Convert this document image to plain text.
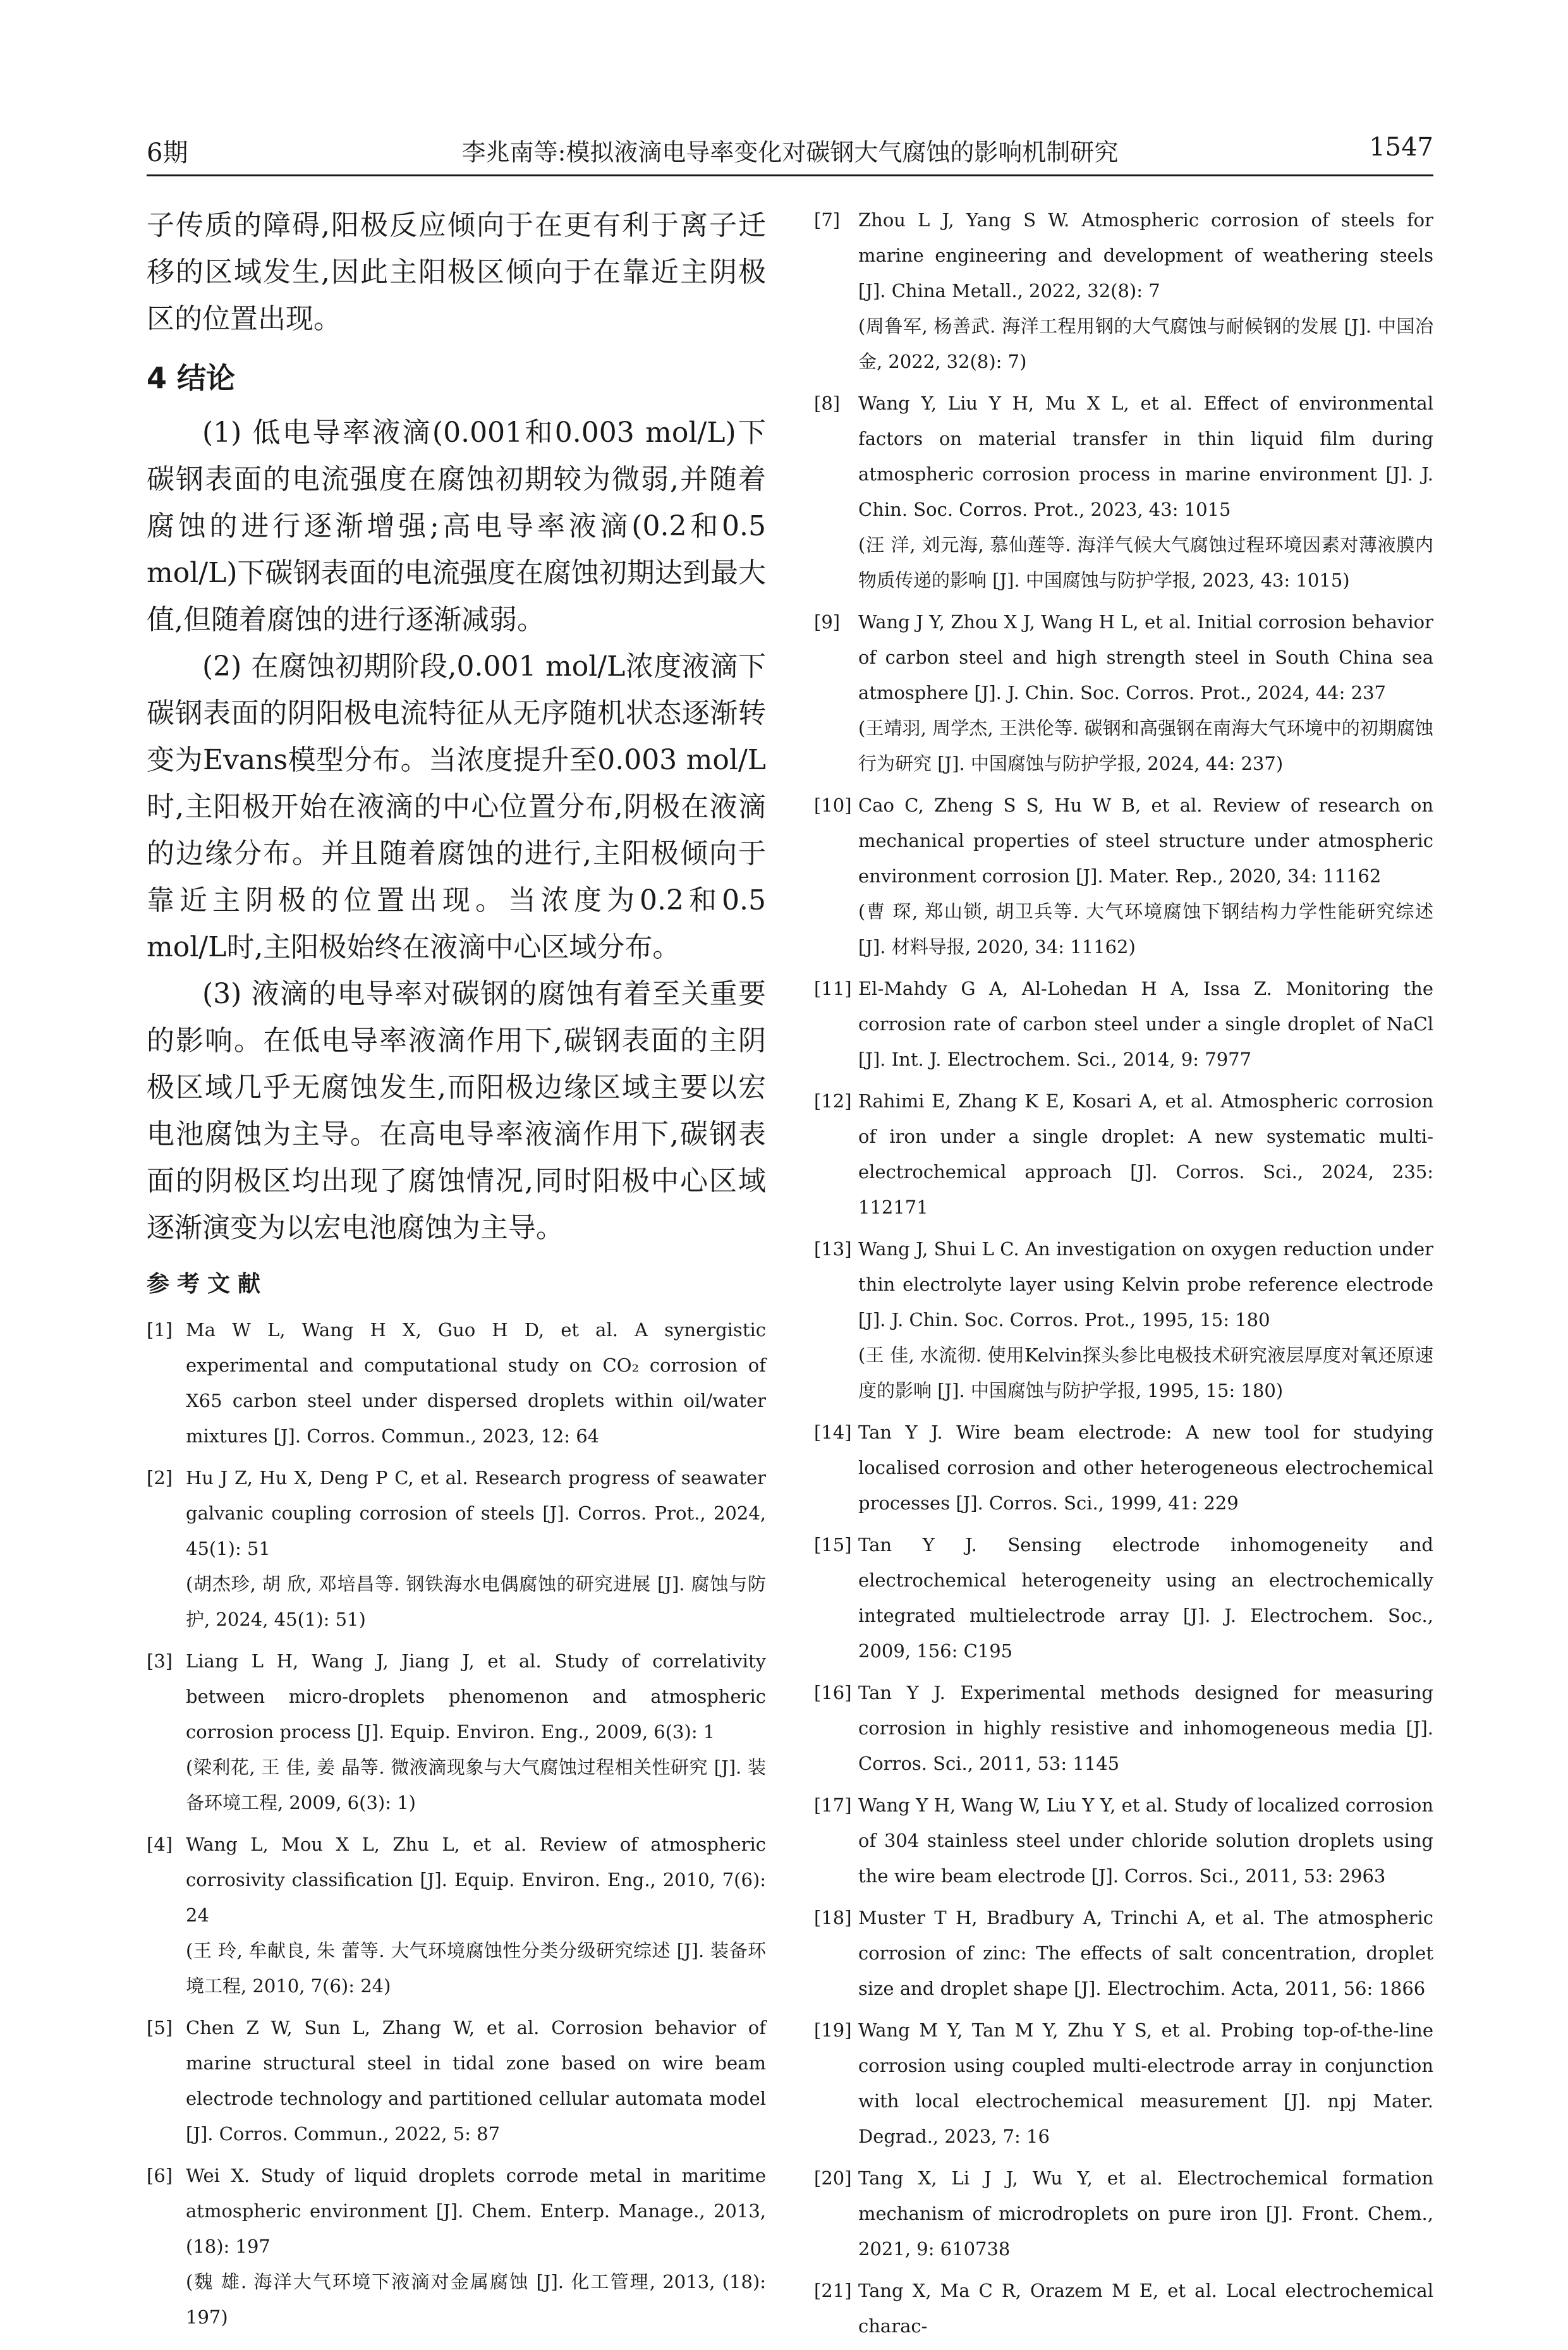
6期	李兆南等:模拟液滴电导率变化对碳钢大气腐蚀的影响机制研究	1547

子传质的障碍,阳极反应倾向于在更有利于离子迁移的区域发生,因此主阳极区倾向于在靠近主阴极区的位置出现。

4 结论

(1) 低电导率液滴(0.001和0.003 mol/L)下碳钢表面的电流强度在腐蚀初期较为微弱,并随着腐蚀的进行逐渐增强;高电导率液滴(0.2和0.5 mol/L)下碳钢表面的电流强度在腐蚀初期达到最大值,但随着腐蚀的进行逐渐减弱。

(2) 在腐蚀初期阶段,0.001 mol/L浓度液滴下碳钢表面的阴阳极电流特征从无序随机状态逐渐转变为Evans模型分布。当浓度提升至0.003 mol/L时,主阳极开始在液滴的中心位置分布,阴极在液滴的边缘分布。并且随着腐蚀的进行,主阳极倾向于靠近主阴极的位置出现。当浓度为0.2和0.5 mol/L时,主阳极始终在液滴中心区域分布。

(3) 液滴的电导率对碳钢的腐蚀有着至关重要的影响。在低电导率液滴作用下,碳钢表面的主阴极区域几乎无腐蚀发生,而阳极边缘区域主要以宏电池腐蚀为主导。在高电导率液滴作用下,碳钢表面的阴极区均出现了腐蚀情况,同时阳极中心区域逐渐演变为以宏电池腐蚀为主导。

参考文献
[1] Ma W L, Wang H X, Guo H D, et al. A synergistic experimental and computational study on CO₂ corrosion of X65 carbon steel under dispersed droplets within oil/water mixtures [J]. Corros. Commun., 2023, 12: 64
[2] Hu J Z, Hu X, Deng P C, et al. Research progress of seawater galvanic coupling corrosion of steels [J]. Corros. Prot., 2024, 45(1): 51
(胡杰珍, 胡 欣, 邓培昌等. 钢铁海水电偶腐蚀的研究进展 [J]. 腐蚀与防护, 2024, 45(1): 51)
[3] Liang L H, Wang J, Jiang J, et al. Study of correlativity between micro-droplets phenomenon and atmospheric corrosion process [J]. Equip. Environ. Eng., 2009, 6(3): 1
(梁利花, 王 佳, 姜 晶等. 微液滴现象与大气腐蚀过程相关性研究 [J]. 装备环境工程, 2009, 6(3): 1)
[4] Wang L, Mou X L, Zhu L, et al. Review of atmospheric corrosivity classification [J]. Equip. Environ. Eng., 2010, 7(6): 24
(王 玲, 牟献良, 朱 蕾等. 大气环境腐蚀性分类分级研究综述 [J]. 装备环境工程, 2010, 7(6): 24)
[5] Chen Z W, Sun L, Zhang W, et al. Corrosion behavior of marine structural steel in tidal zone based on wire beam electrode technology and partitioned cellular automata model [J]. Corros. Commun., 2022, 5: 87
[6] Wei X. Study of liquid droplets corrode metal in maritime atmospheric environment [J]. Chem. Enterp. Manage., 2013, (18): 197
(魏 雄. 海洋大气环境下液滴对金属腐蚀 [J]. 化工管理, 2013, (18): 197)
[7] Zhou L J, Yang S W. Atmospheric corrosion of steels for marine engineering and development of weathering steels [J]. China Metall., 2022, 32(8): 7
(周鲁军, 杨善武. 海洋工程用钢的大气腐蚀与耐候钢的发展 [J]. 中国冶金, 2022, 32(8): 7)
[8] Wang Y, Liu Y H, Mu X L, et al. Effect of environmental factors on material transfer in thin liquid film during atmospheric corrosion process in marine environment [J]. J. Chin. Soc. Corros. Prot., 2023, 43: 1015
(汪 洋, 刘元海, 慕仙莲等. 海洋气候大气腐蚀过程环境因素对薄液膜内物质传递的影响 [J]. 中国腐蚀与防护学报, 2023, 43: 1015)
[9] Wang J Y, Zhou X J, Wang H L, et al. Initial corrosion behavior of carbon steel and high strength steel in South China sea atmosphere [J]. J. Chin. Soc. Corros. Prot., 2024, 44: 237
(王靖羽, 周学杰, 王洪伦等. 碳钢和高强钢在南海大气环境中的初期腐蚀行为研究 [J]. 中国腐蚀与防护学报, 2024, 44: 237)
[10] Cao C, Zheng S S, Hu W B, et al. Review of research on mechanical properties of steel structure under atmospheric environment corrosion [J]. Mater. Rep., 2020, 34: 11162
(曹 琛, 郑山锁, 胡卫兵等. 大气环境腐蚀下钢结构力学性能研究综述 [J]. 材料导报, 2020, 34: 11162)
[11] El-Mahdy G A, Al-Lohedan H A, Issa Z. Monitoring the corrosion rate of carbon steel under a single droplet of NaCl [J]. Int. J. Electrochem. Sci., 2014, 9: 7977
[12] Rahimi E, Zhang K E, Kosari A, et al. Atmospheric corrosion of iron under a single droplet: A new systematic multi-electrochemical approach [J]. Corros. Sci., 2024, 235: 112171
[13] Wang J, Shui L C. An investigation on oxygen reduction under thin electrolyte layer using Kelvin probe reference electrode [J]. J. Chin. Soc. Corros. Prot., 1995, 15: 180
(王 佳, 水流彻. 使用Kelvin探头参比电极技术研究液层厚度对氧还原速度的影响 [J]. 中国腐蚀与防护学报, 1995, 15: 180)
[14] Tan Y J. Wire beam electrode: A new tool for studying localised corrosion and other heterogeneous electrochemical processes [J]. Corros. Sci., 1999, 41: 229
[15] Tan Y J. Sensing electrode inhomogeneity and electrochemical heterogeneity using an electrochemically integrated multielectrode array [J]. J. Electrochem. Soc., 2009, 156: C195
[16] Tan Y J. Experimental methods designed for measuring corrosion in highly resistive and inhomogeneous media [J]. Corros. Sci., 2011, 53: 1145
[17] Wang Y H, Wang W, Liu Y Y, et al. Study of localized corrosion of 304 stainless steel under chloride solution droplets using the wire beam electrode [J]. Corros. Sci., 2011, 53: 2963
[18] Muster T H, Bradbury A, Trinchi A, et al. The atmospheric corrosion of zinc: The effects of salt concentration, droplet size and droplet shape [J]. Electrochim. Acta, 2011, 56: 1866
[19] Wang M Y, Tan M Y, Zhu Y S, et al. Probing top-of-the-line corrosion using coupled multi-electrode array in conjunction with local electrochemical measurement [J]. npj Mater. Degrad., 2023, 7: 16
[20] Tang X, Li J J, Wu Y, et al. Electrochemical formation mechanism of microdroplets on pure iron [J]. Front. Chem., 2021, 9: 610738
[21] Tang X, Ma C R, Orazem M E, et al. Local electrochemical charac-
